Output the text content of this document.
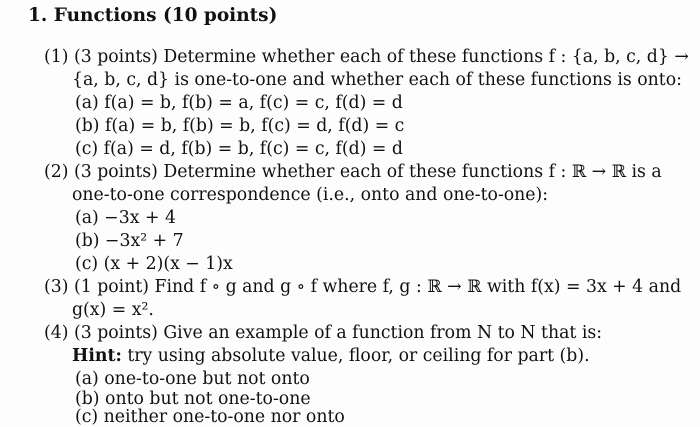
1. Functions (10 points)
(1) (3 points) Determine whether each of these functions f : {a, b, c, d} →
{a, b, c, d} is one-to-one and whether each of these functions is onto:
(a) f(a) = b, f(b) = a, f(c) = c, f(d) = d
(b) f(a) = b, f(b) = b, f(c) = d, f(d) = c
(c) f(a) = d, f(b) = b, f(c) = c, f(d) = d
(2) (3 points) Determine whether each of these functions f : ℝ → ℝ is a
one-to-one correspondence (i.e., onto and one-to-one):
(a) −3x + 4
(b) −3x² + 7
(c) (x + 2)(x − 1)x
(3) (1 point) Find f ∘ g and g ∘ f where f, g : ℝ → ℝ with f(x) = 3x + 4 and
g(x) = x².
(4) (3 points) Give an example of a function from N to N that is:
Hint: try using absolute value, floor, or ceiling for part (b).
(a) one-to-one but not onto
(b) onto but not one-to-one
(c) neither one-to-one nor onto
